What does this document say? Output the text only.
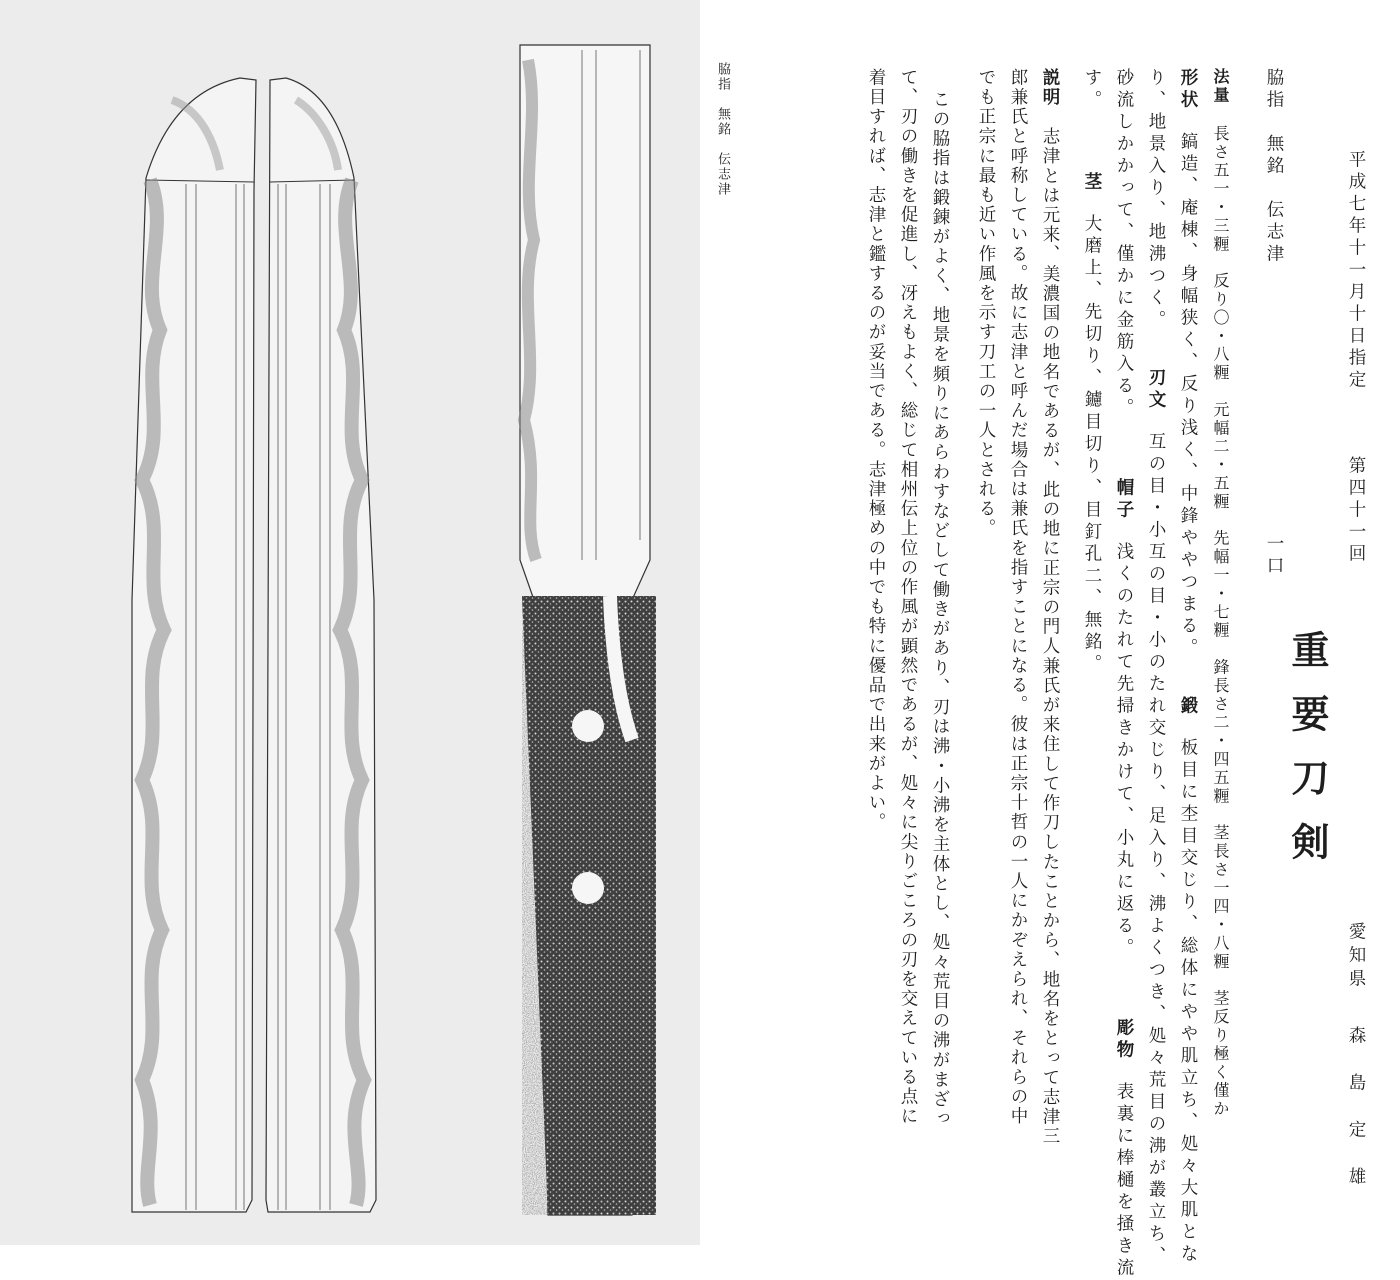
脇指　無銘　伝志津
平成七年十一月十日指定
第四十一回
重要刀剣
愛知県
森　島　定　雄
脇指　無銘　伝志津
一口
法量長さ五一・三糎　反り〇・八糎　元幅二・五糎　先幅一・七糎　鋒長さ二・四五糎　茎長さ一四・八糎　茎反り極く僅か
形状鎬造、庵棟、身幅狭く、反り浅く、中鋒ややつまる。鍛板目に杢目交じり、総体にやや肌立ち、処々大肌とな
り、地景入り、地沸つく。
刃文互の目・小互の目・小のたれ交じり、足入り、沸よくつき、処々荒目の沸が叢立ち、
砂流しかかって、僅かに金筋入る。帽子浅くのたれて先掃きかけて、小丸に返る。彫物表裏に棒樋を掻き流
す。茎大磨上、先切り、鑢目切り、目釘孔二、無銘。
説明志津とは元来、美濃国の地名であるが、此の地に正宗の門人兼氏が来住して作刀したことから、地名をとって志津三
郎兼氏と呼称している。故に志津と呼んだ場合は兼氏を指すことになる。彼は正宗十哲の一人にかぞえられ、それらの中
でも正宗に最も近い作風を示す刀工の一人とされる。
この脇指は鍛錬がよく、地景を頻りにあらわすなどして働きがあり、刃は沸・小沸を主体とし、処々荒目の沸がまざっ
て、刃の働きを促進し、冴えもよく、総じて相州伝上位の作風が顕然であるが、処々に尖りごころの刃を交えている点に
着目すれば、志津と鑑するのが妥当である。志津極めの中でも特に優品で出来がよい。
